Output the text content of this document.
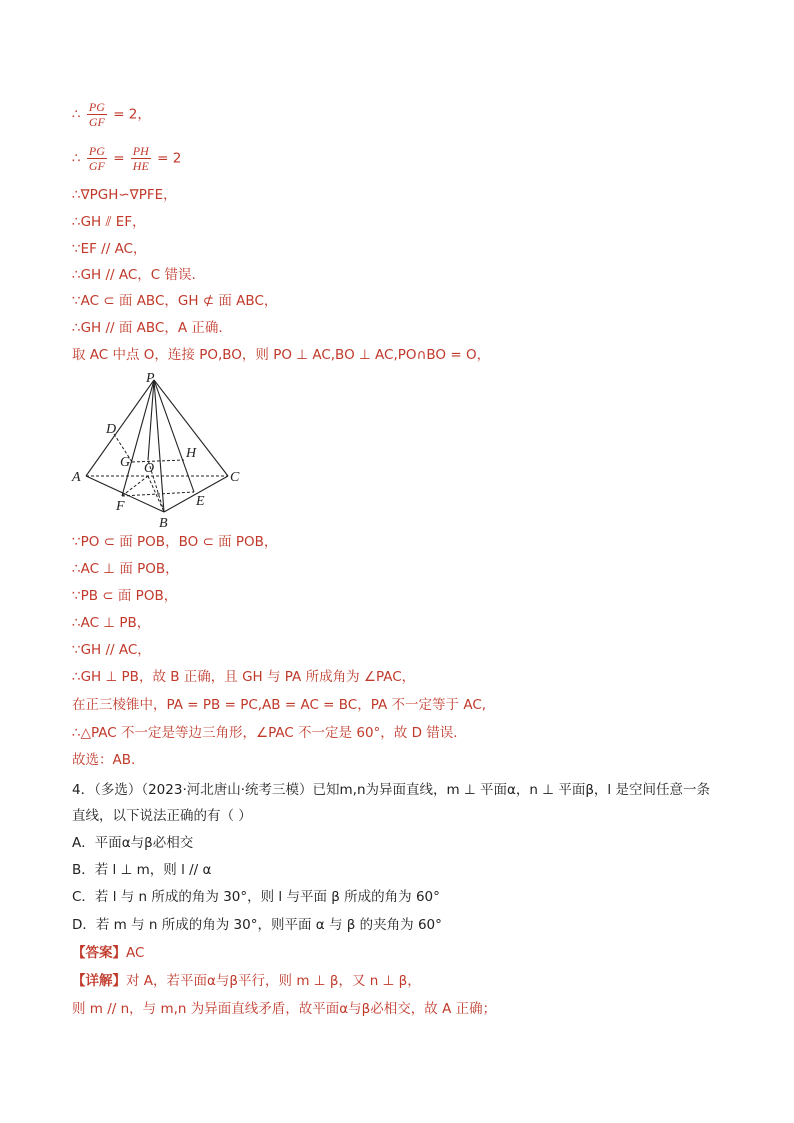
∴ $\frac{PG}{GF} = 2$，
∴ $\frac{PG}{GF} = \frac{PH}{HE} = 2$
∴∇PGH∽∇PFE，
∴GH ⫽ EF，
∵EF // AC，
∴GH // AC，C 错误.
∵AC ⊂ 面 ABC，GH ⊄ 面 ABC，
∴GH // 面 ABC，A 正确.
取 AC 中点 O，连接 PO,BO，则 PO ⊥ AC,BO ⊥ AC,PO∩BO = O，
P
D
H
G O
A	C
F	E
B
∵PO ⊂ 面 POB，BO ⊂ 面 POB，
∴AC ⊥ 面 POB，
∵PB ⊂ 面 POB，
∴AC ⊥ PB，
∵GH // AC，
∴GH ⊥ PB，故 B 正确，且 GH 与 PA 所成角为 ∠PAC，
在正三棱锥中，PA = PB = PC,AB = AC = BC，PA 不一定等于 AC,
∴△PAC 不一定是等边三角形，∠PAC 不一定是 60°，故 D 错误.
故选：AB.
4．（多选）（2023·河北唐山·统考三模）已知m,n为异面直线，m ⊥ 平面α，n ⊥ 平面β，l 是空间任意一条直线，以下说法正确的有（ ）
A．平面α与β必相交
B．若 l ⊥ m，则 l // α
C．若 l 与 n 所成的角为 30°，则 l 与平面 β 所成的角为 60°
D．若 m 与 n 所成的角为 30°，则平面 α 与 β 的夹角为 60°
【答案】AC
【详解】对 A，若平面α与β平行，则 m ⊥ β，又 n ⊥ β，
则 m // n，与 m,n 为异面直线矛盾，故平面α与β必相交，故 A 正确；
